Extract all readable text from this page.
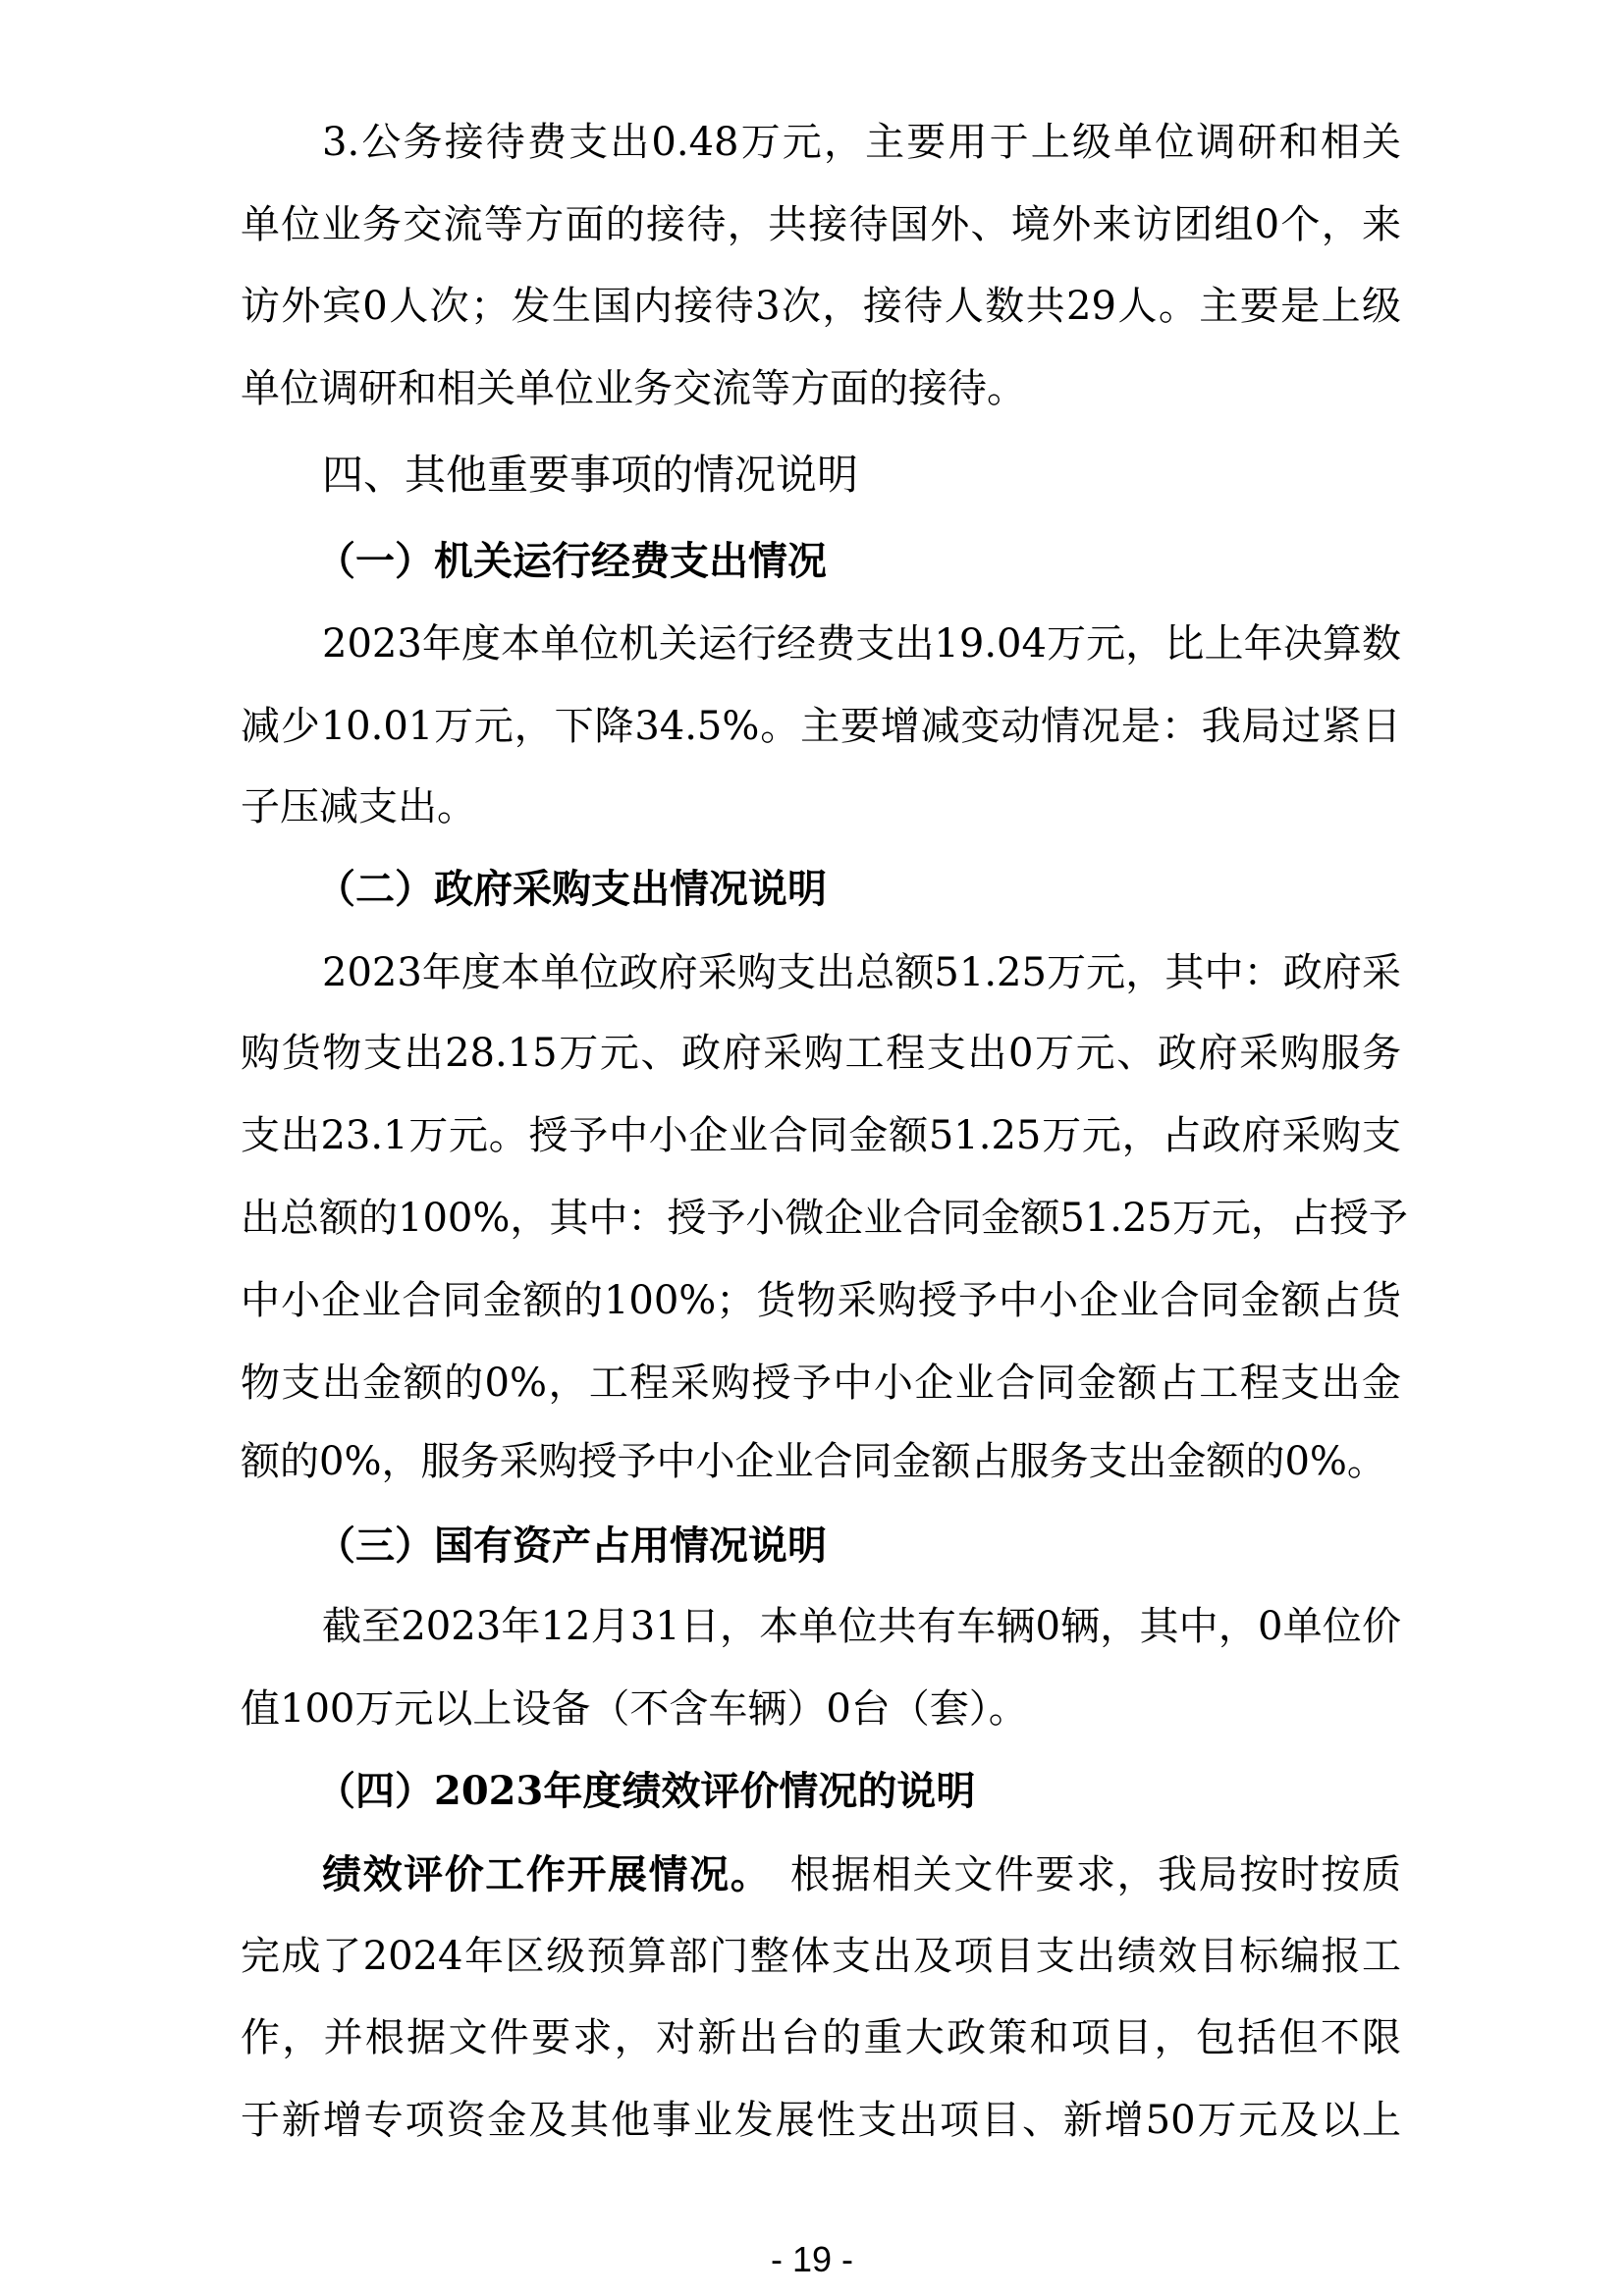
3.公务接待费支出0.48万元，主要用于上级单位调研和相关
单位业务交流等方面的接待，共接待国外、境外来访团组0个，来
访外宾0人次；发生国内接待3次，接待人数共29人。主要是上级
单位调研和相关单位业务交流等方面的接待。
四、其他重要事项的情况说明
（一）机关运行经费支出情况
2023年度本单位机关运行经费支出19.04万元，比上年决算数
减少10.01万元，下降34.5%。主要增减变动情况是：我局过紧日
子压减支出。
（二）政府采购支出情况说明
2023年度本单位政府采购支出总额51.25万元，其中：政府采
购货物支出28.15万元、政府采购工程支出0万元、政府采购服务
支出23.1万元。授予中小企业合同金额51.25万元，占政府采购支
出总额的100%，其中：授予小微企业合同金额51.25万元，占授予
中小企业合同金额的100%；货物采购授予中小企业合同金额占货
物支出金额的0%，工程采购授予中小企业合同金额占工程支出金
额的0%，服务采购授予中小企业合同金额占服务支出金额的0%。
（三）国有资产占用情况说明
截至2023年12月31日，本单位共有车辆0辆，其中，0单位价
值100万元以上设备（不含车辆）0台（套）。
（四）2023年度绩效评价情况的说明
绩效评价工作开展情况。 根据相关文件要求，我局按时按质
完成了2024年区级预算部门整体支出及项目支出绩效目标编报工
作，并根据文件要求，对新出台的重大政策和项目，包括但不限
于新增专项资金及其他事业发展性支出项目、新增50万元及以上
- 19 -
